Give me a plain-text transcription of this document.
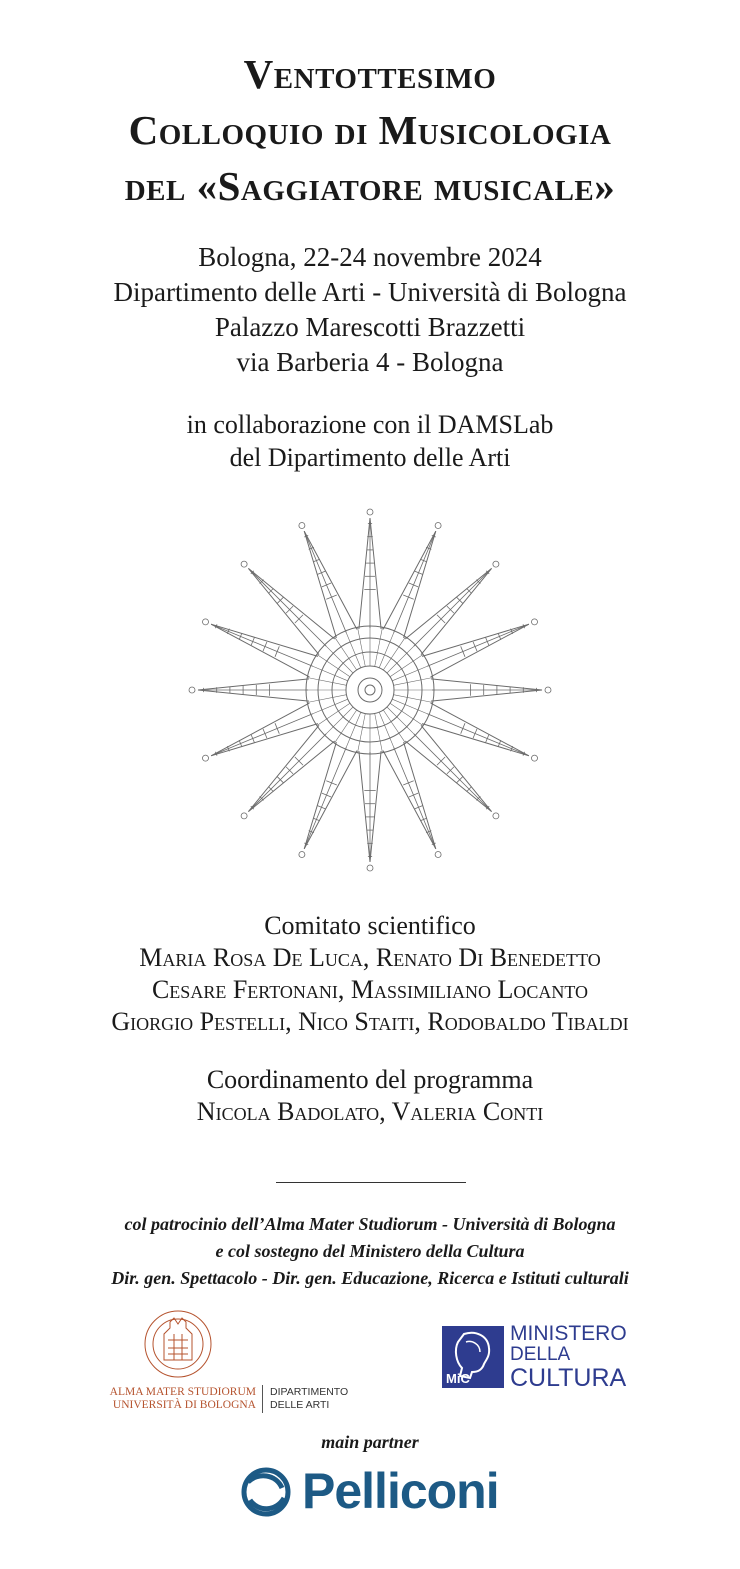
Ventottesimo
Colloquio di Musicologia
del «Saggiatore musicale»
Bologna, 22-24 novembre 2024
Dipartimento delle Arti - Università di Bologna
Palazzo Marescotti Brazzetti
via Barberia 4 - Bologna
in collaborazione con il DAMSLab
del Dipartimento delle Arti
Comitato scientifico
Maria Rosa De Luca, Renato Di Benedetto
Cesare Fertonani, Massimiliano Locanto
Giorgio Pestelli, Nico Staiti, Rodobaldo Tibaldi
Coordinamento del programma
Nicola Badolato, Valeria Conti
col patrocinio dell’Alma Mater Studiorum - Università di Bologna
e col sostegno del Ministero della Cultura
Dir. gen. Spettacolo - Dir. gen. Educazione, Ricerca e Istituti culturali
ALMA MATER STUDIORUM
UNIVERSITÀ DI BOLOGNA
DIPARTIMENTO
DELLE ARTI
MiC
MINISTERO
DELLA
CULTURA
main partner
Pelliconi
